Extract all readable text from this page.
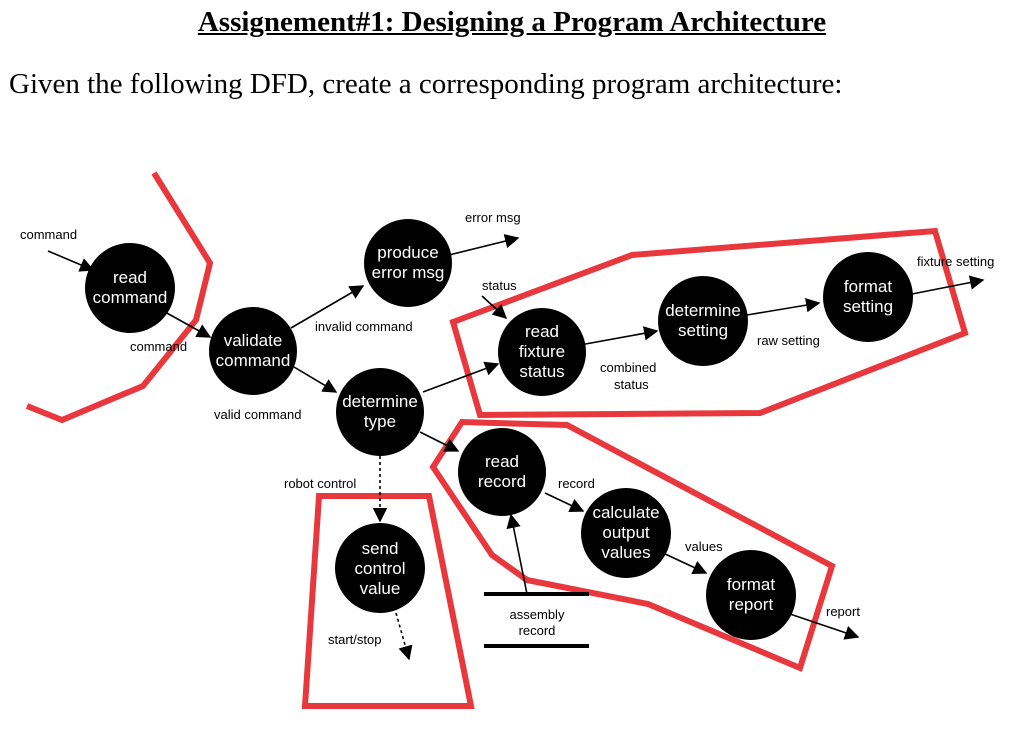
Assignement#1: Designing a Program Architecture
Given the following DFD, create a corresponding program architecture:
read command
validate command
produce error msg
determine type
read fixture status
determine setting
format setting
send control value
read record
calculate output values
format report
command
command
invalid command
error msg
status
fixture setting
raw setting
combined status
valid command
robot control
start/stop
record
values
report
assembly record
